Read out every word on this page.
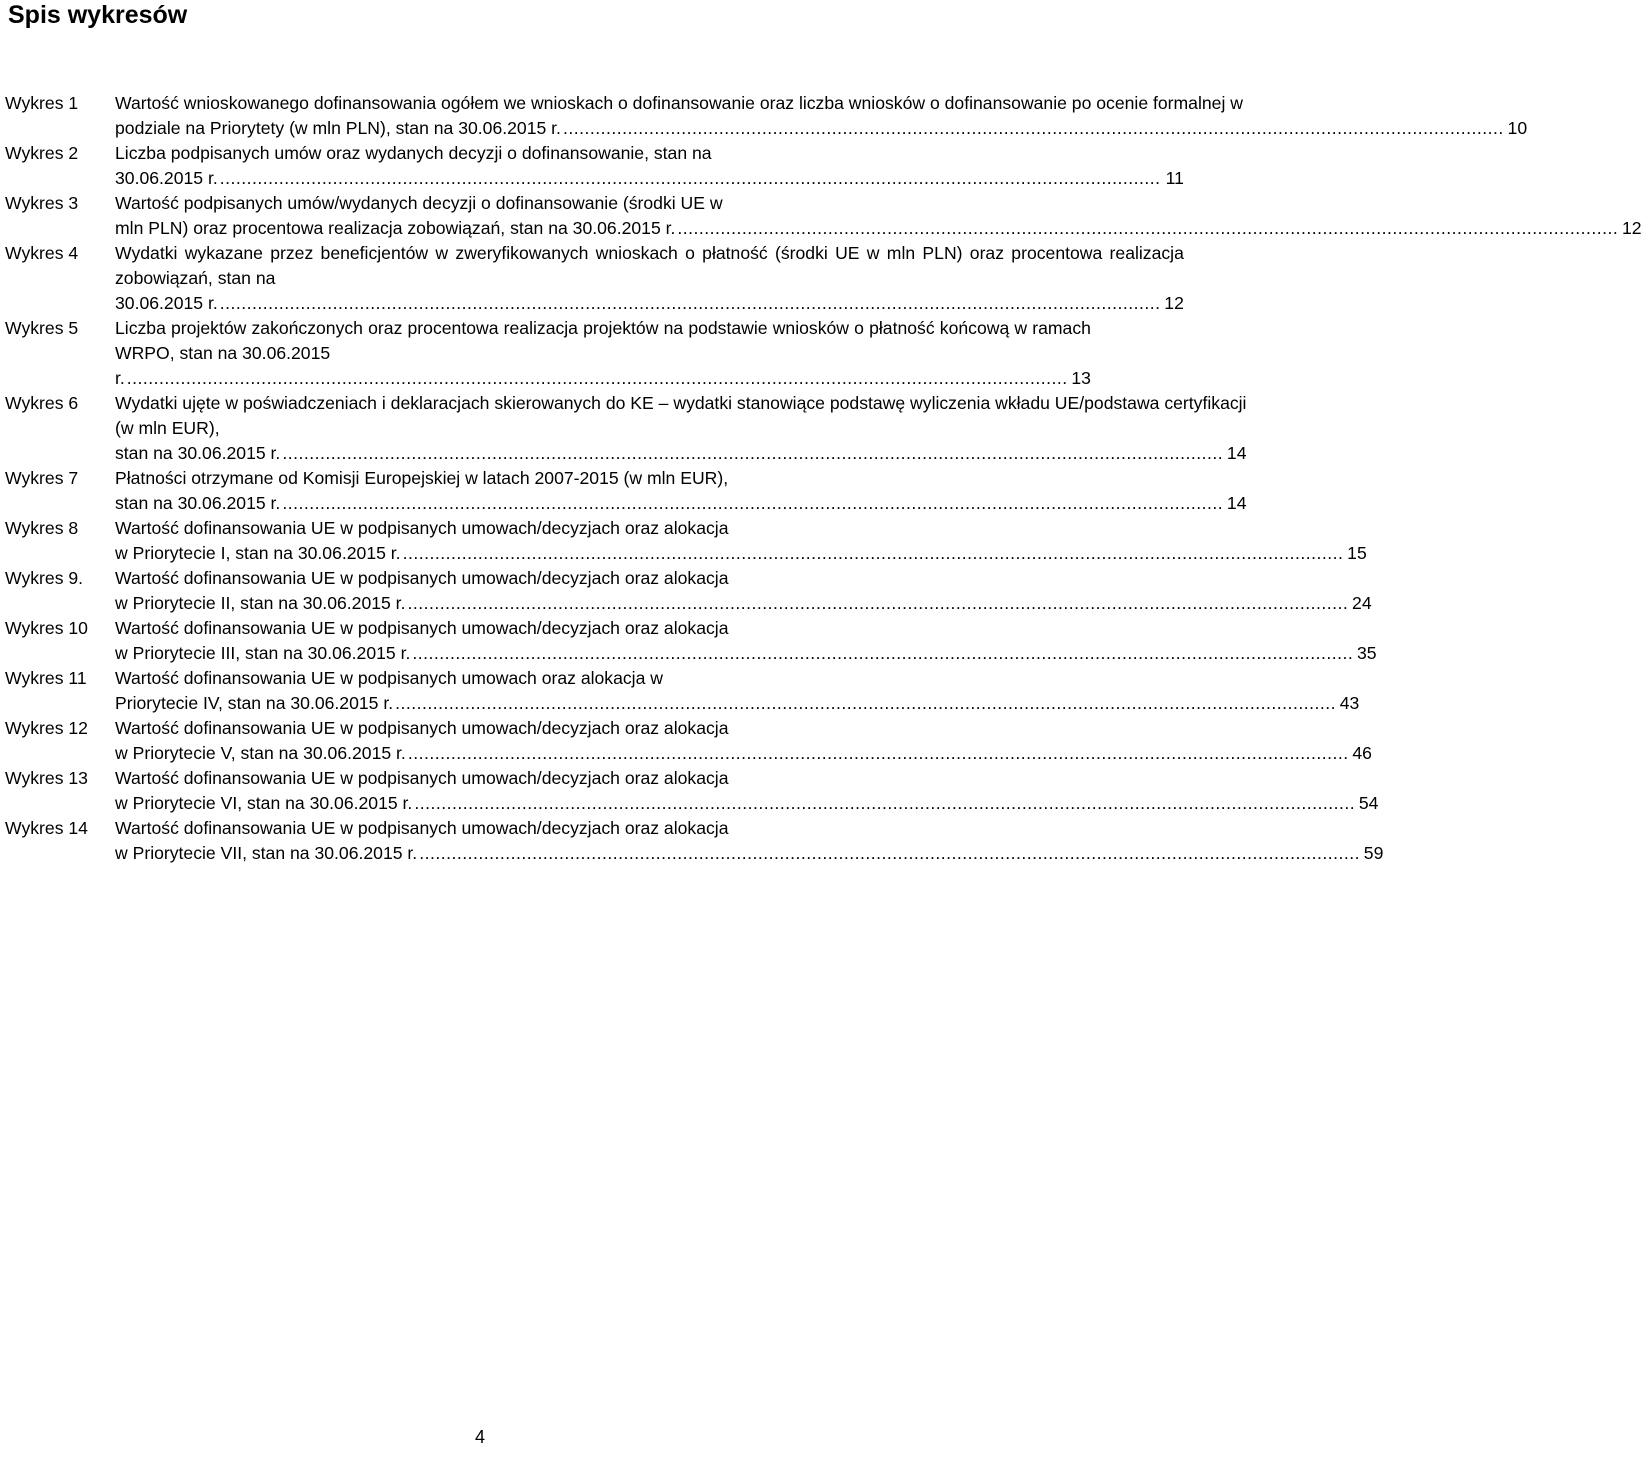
Spis wykresów
Wykres 1	Wartość wnioskowanego dofinansowania ogółem we wnioskach o dofinansowanie oraz liczba wniosków o dofinansowanie po ocenie formalnej w
podziale na Priorytety (w mln PLN), stan na 30.06.2015 r. . . .	10
Wykres 2	Liczba podpisanych umów oraz wydanych decyzji o dofinansowanie, stan na
30.06.2015 r. . . .	11
Wykres 3	Wartość podpisanych umów/wydanych decyzji o dofinansowanie (środki UE w
mln PLN) oraz procentowa realizacja zobowiązań, stan na 30.06.2015 r. . . .	12
Wykres 4	Wydatki wykazane przez beneficjentów w zweryfikowanych wnioskach o płatność (środki UE w mln PLN) oraz procentowa realizacja zobowiązań, stan na
30.06.2015 r. . . .	12
Wykres 5	Liczba projektów zakończonych oraz procentowa realizacja projektów na podstawie wniosków o płatność końcową w ramach WRPO, stan na 30.06.2015
r. . . .	13
Wykres 6	Wydatki ujęte w poświadczeniach i deklaracjach skierowanych do KE – wydatki stanowiące podstawę wyliczenia wkładu UE/podstawa certyfikacji (w mln EUR),
stan na 30.06.2015 r. . . .	14
Wykres 7	Płatności otrzymane od Komisji Europejskiej w latach 2007-2015 (w mln EUR),
stan na 30.06.2015 r. . . .	14
Wykres 8	Wartość dofinansowania UE w podpisanych umowach/decyzjach oraz alokacja
w Priorytecie I, stan na 30.06.2015 r. . . .	15
Wykres 9.	Wartość dofinansowania UE w podpisanych umowach/decyzjach oraz alokacja
w Priorytecie II, stan na 30.06.2015 r. . . .	24
Wykres 10	Wartość dofinansowania UE w podpisanych umowach/decyzjach oraz alokacja
w Priorytecie III, stan na 30.06.2015 r. . . .	35
Wykres 11	Wartość dofinansowania UE w podpisanych umowach oraz alokacja w
Priorytecie IV, stan na 30.06.2015 r. . . .	43
Wykres 12	Wartość dofinansowania UE w podpisanych umowach/decyzjach oraz alokacja
w Priorytecie V, stan na 30.06.2015 r. . . .	46
Wykres 13	Wartość dofinansowania UE w podpisanych umowach/decyzjach oraz alokacja
w Priorytecie VI, stan na 30.06.2015 r. . . .	54
Wykres 14	Wartość dofinansowania UE w podpisanych umowach/decyzjach oraz alokacja
w Priorytecie VII, stan na 30.06.2015 r. . . .	59
4
